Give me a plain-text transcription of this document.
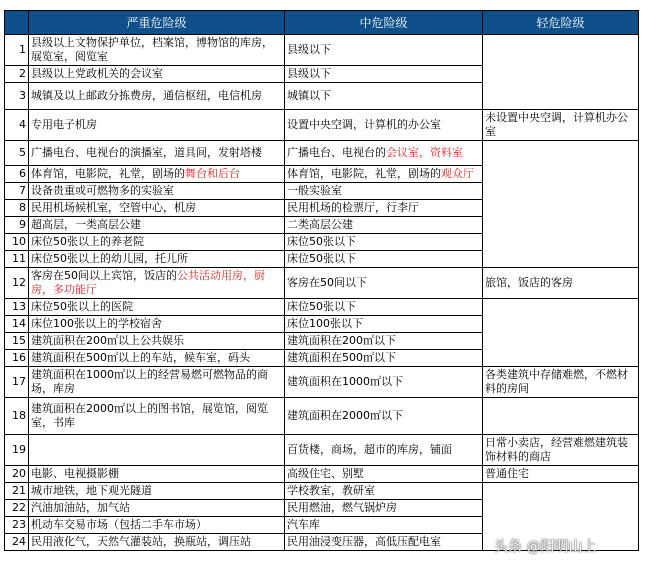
	严重危险级	中危险级	轻危险级
1	县级以上文物保护单位，档案馆，博物馆的库房，展览室，阅览室	县级以下	
2	县级以上党政机关的会议室	县级以下	
3	城镇及以上邮政分拣费房，通信枢纽，电信机房	城镇以下	
4	专用电子机房	设置中央空调，计算机的办公室	未设置中央空调，计算机办公室
5	广播电台、电视台的演播室，道具间，发射塔楼	广播电台、电视台的会议室，资料室	
6	体育馆，电影院，礼堂，剧场的舞台和后台	体育馆，电影院，礼堂，剧场的观众厅	
7	设备贵重或可燃物多的实验室	一般实验室	
8	民用机场候机室，空管中心，机房	民用机场的检票厅，行李厅	
9	超高层，一类高层公建	二类高层公建	
10	床位50张以上的养老院	床位50张以下	
11	床位50张以上的幼儿园，托儿所	床位50张以下	
12	客房在50间以上宾馆，饭店的公共活动用房，厨房，多功能厅	客房在50间以下	旅馆，饭店的客房
13	床位50张以上的医院	床位50张以下	
14	床位100张以上的学校宿舍	床位100张以下	
15	建筑面积在200㎡以上公共娱乐	建筑面积在200㎡以下	
16	建筑面积在500㎡以上的车站，候车室，码头	建筑面积在500㎡以下	
17	建筑面积在1000㎡以上的经营易燃可燃物品的商场，库房	建筑面积在1000㎡以下	各类建筑中存储难燃，不燃材料的房间
18	建筑面积在2000㎡以上的图书馆，展览馆，阅览室，书库	建筑面积在2000㎡以下	
19		百货楼，商场，超市的库房，铺面	日常小卖店，经营难燃建筑装饰材料的商店
20	电影、电视摄影棚	高级住宅、别墅	普通住宅
21	城市地铁，地下观光隧道	学校教室，教研室	
22	汽油加油站，加气站	民用燃油，燃气锅炉房	
23	机动车交易市场（包括二手车市场）	汽车库	
24	民用液化气，天然气灌装站，换瓶站，调压站	民用油浸变压器，高低压配电室		头条 @阳明山上
